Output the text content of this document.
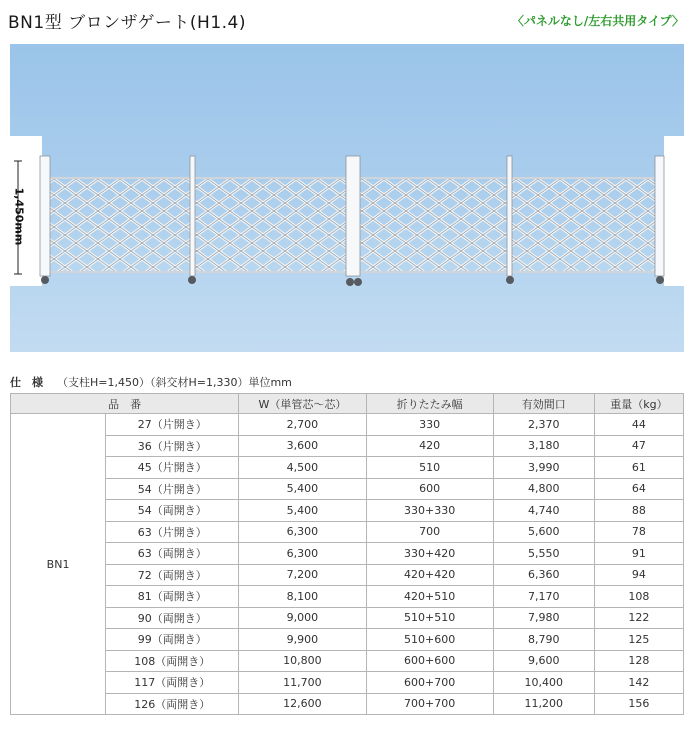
BN1型 ブロンザゲート(H1.4)	〈パネルなし/左右共用タイプ〉
1,450mm
仕　様 （支柱H=1,450）（斜交材H=1,330）単位mm
品　番		W（単管芯〜芯）	折りたたみ幅	有効間口	重量（kg）
BN1	27（片開き）	2,700	330	2,370	44
	36（片開き）	3,600	420	3,180	47
	45（片開き）	4,500	510	3,990	61
	54（片開き）	5,400	600	4,800	64
	54（両開き）	5,400	330+330	4,740	88
	63（片開き）	6,300	700	5,600	78
	63（両開き）	6,300	330+420	5,550	91
	72（両開き）	7,200	420+420	6,360	94
	81（両開き）	8,100	420+510	7,170	108
	90（両開き）	9,000	510+510	7,980	122
	99（両開き）	9,900	510+600	8,790	125
	108（両開き）	10,800	600+600	9,600	128
	117（両開き）	11,700	600+700	10,400	142
	126（両開き）	12,600	700+700	11,200	156
